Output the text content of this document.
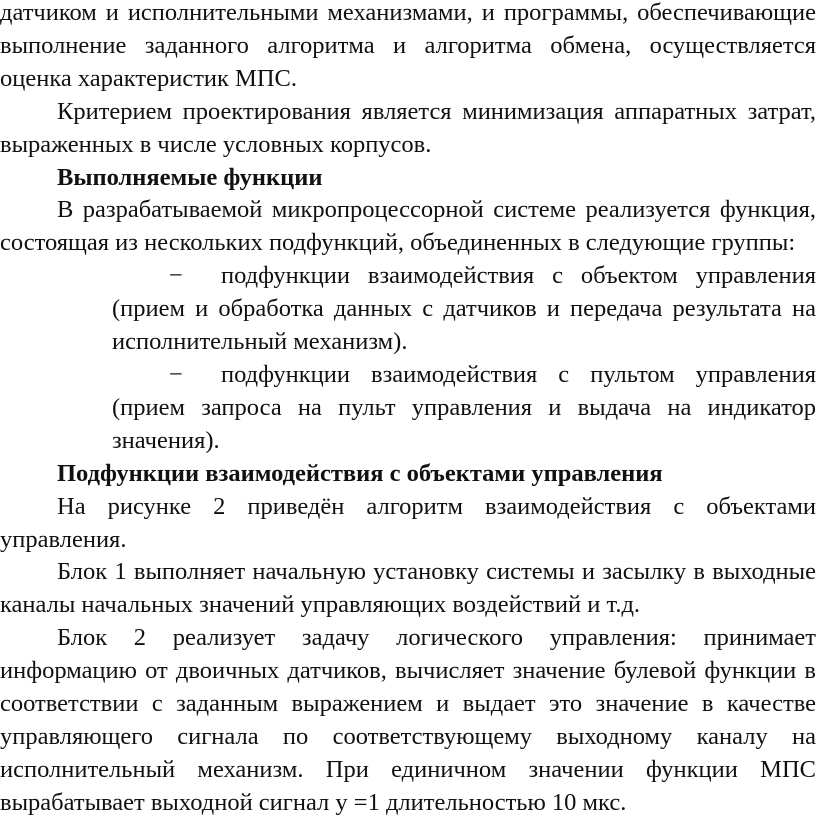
датчиком и исполнительными механизмами, и программы, обеспечивающие выполнение заданного алгоритма и алгоритма обмена, осуществляется оценка характеристик МПС.

Критерием проектирования является минимизация аппаратных затрат, выраженных в числе условных корпусов.

Выполняемые функции

В разрабатываемой микропроцессорной системе реализуется функция, состоящая из нескольких подфункций, объединенных в следующие группы:

− подфункции взаимодействия с объектом управления (прием и обработка данных с датчиков и передача результата на исполнительный механизм).

− подфункции взаимодействия с пультом управления (прием запроса на пульт управления и выдача на индикатор значения).

Подфункции взаимодействия с объектами управления

На рисунке 2 приведён алгоритм взаимодействия с объектами управления.

Блок 1 выполняет начальную установку системы и засылку в выходные каналы начальных значений управляющих воздействий и т.д.

Блок 2 реализует задачу логического управления: принимает информацию от двоичных датчиков, вычисляет значение булевой функции в соответствии с заданным выражением и выдает это значение в качестве управляющего сигнала по соответствующему выходному каналу на исполнительный механизм. При единичном значении функции МПС вырабатывает выходной сигнал y =1 длительностью 10 мкс.
